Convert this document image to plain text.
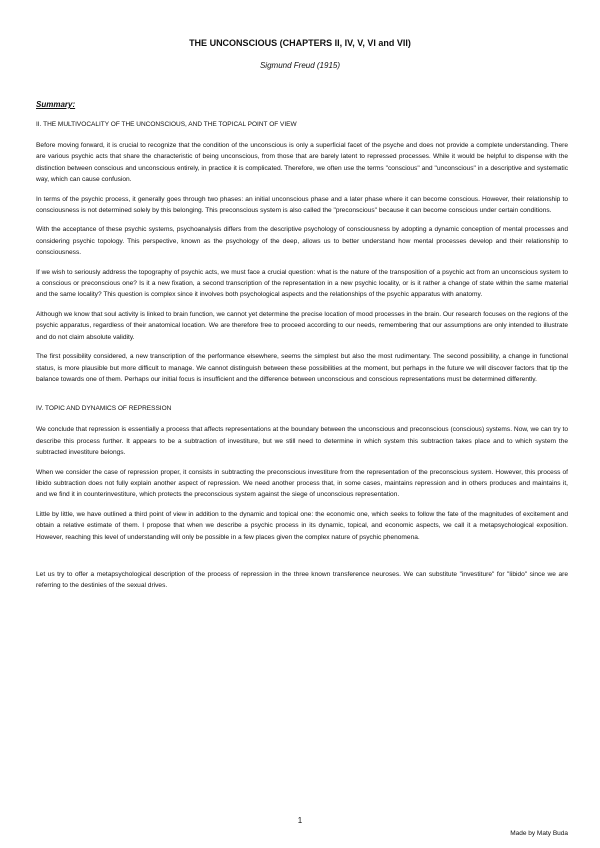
THE UNCONSCIOUS (CHAPTERS II, IV, V, VI and VII)
Sigmund Freud (1915)
Summary:
II. THE MULTIVOCALITY OF THE UNCONSCIOUS, AND THE TOPICAL POINT OF VIEW

Before moving forward, it is crucial to recognize that the condition of the unconscious is only a superficial facet of the psyche and does not provide a complete understanding. There are various psychic acts that share the characteristic of being unconscious, from those that are barely latent to repressed processes. While it would be helpful to dispense with the distinction between conscious and unconscious entirely, in practice it is complicated. Therefore, we often use the terms "conscious" and "unconscious" in a descriptive and systematic way, which can cause confusion.

In terms of the psychic process, it generally goes through two phases: an initial unconscious phase and a later phase where it can become conscious. However, their relationship to consciousness is not determined solely by this belonging. This preconscious system is also called the "preconscious" because it can become conscious under certain conditions.

With the acceptance of these psychic systems, psychoanalysis differs from the descriptive psychology of consciousness by adopting a dynamic conception of mental processes and considering psychic topology. This perspective, known as the psychology of the deep, allows us to better understand how mental processes develop and their relationship to consciousness.

If we wish to seriously address the topography of psychic acts, we must face a crucial question: what is the nature of the transposition of a psychic act from an unconscious system to a conscious or preconscious one? Is it a new fixation, a second transcription of the representation in a new psychic locality, or is it rather a change of state within the same material and the same locality? This question is complex since it involves both psychological aspects and the relationships of the psychic apparatus with anatomy.

Although we know that soul activity is linked to brain function, we cannot yet determine the precise location of mood processes in the brain. Our research focuses on the regions of the psychic apparatus, regardless of their anatomical location. We are therefore free to proceed according to our needs, remembering that our assumptions are only intended to illustrate and do not claim absolute validity.

The first possibility considered, a new transcription of the performance elsewhere, seems the simplest but also the most rudimentary. The second possibility, a change in functional status, is more plausible but more difficult to manage. We cannot distinguish between these possibilities at the moment, but perhaps in the future we will discover factors that tip the balance towards one of them. Perhaps our initial focus is insufficient and the difference between unconscious and conscious representations must be determined differently.

IV. TOPIC AND DYNAMICS OF REPRESSION

We conclude that repression is essentially a process that affects representations at the boundary between the unconscious and preconscious (conscious) systems. Now, we can try to describe this process further. It appears to be a subtraction of investiture, but we still need to determine in which system this subtraction takes place and to which system the subtracted investiture belongs.

When we consider the case of repression proper, it consists in subtracting the preconscious investiture from the representation of the preconscious system. However, this process of libido subtraction does not fully explain another aspect of repression. We need another process that, in some cases, maintains repression and in others produces and maintains it, and we find it in counterinvestiture, which protects the preconscious system against the siege of unconscious representation.

Little by little, we have outlined a third point of view in addition to the dynamic and topical one: the economic one, which seeks to follow the fate of the magnitudes of excitement and obtain a relative estimate of them. I propose that when we describe a psychic process in its dynamic, topical, and economic aspects, we call it a metapsychological exposition. However, reaching this level of understanding will only be possible in a few places given the complex nature of psychic phenomena.

Let us try to offer a metapsychological description of the process of repression in the three known transference neuroses. We can substitute "investiture" for "libido" since we are referring to the destinies of the sexual drives.

1
Made by Maty Buda
